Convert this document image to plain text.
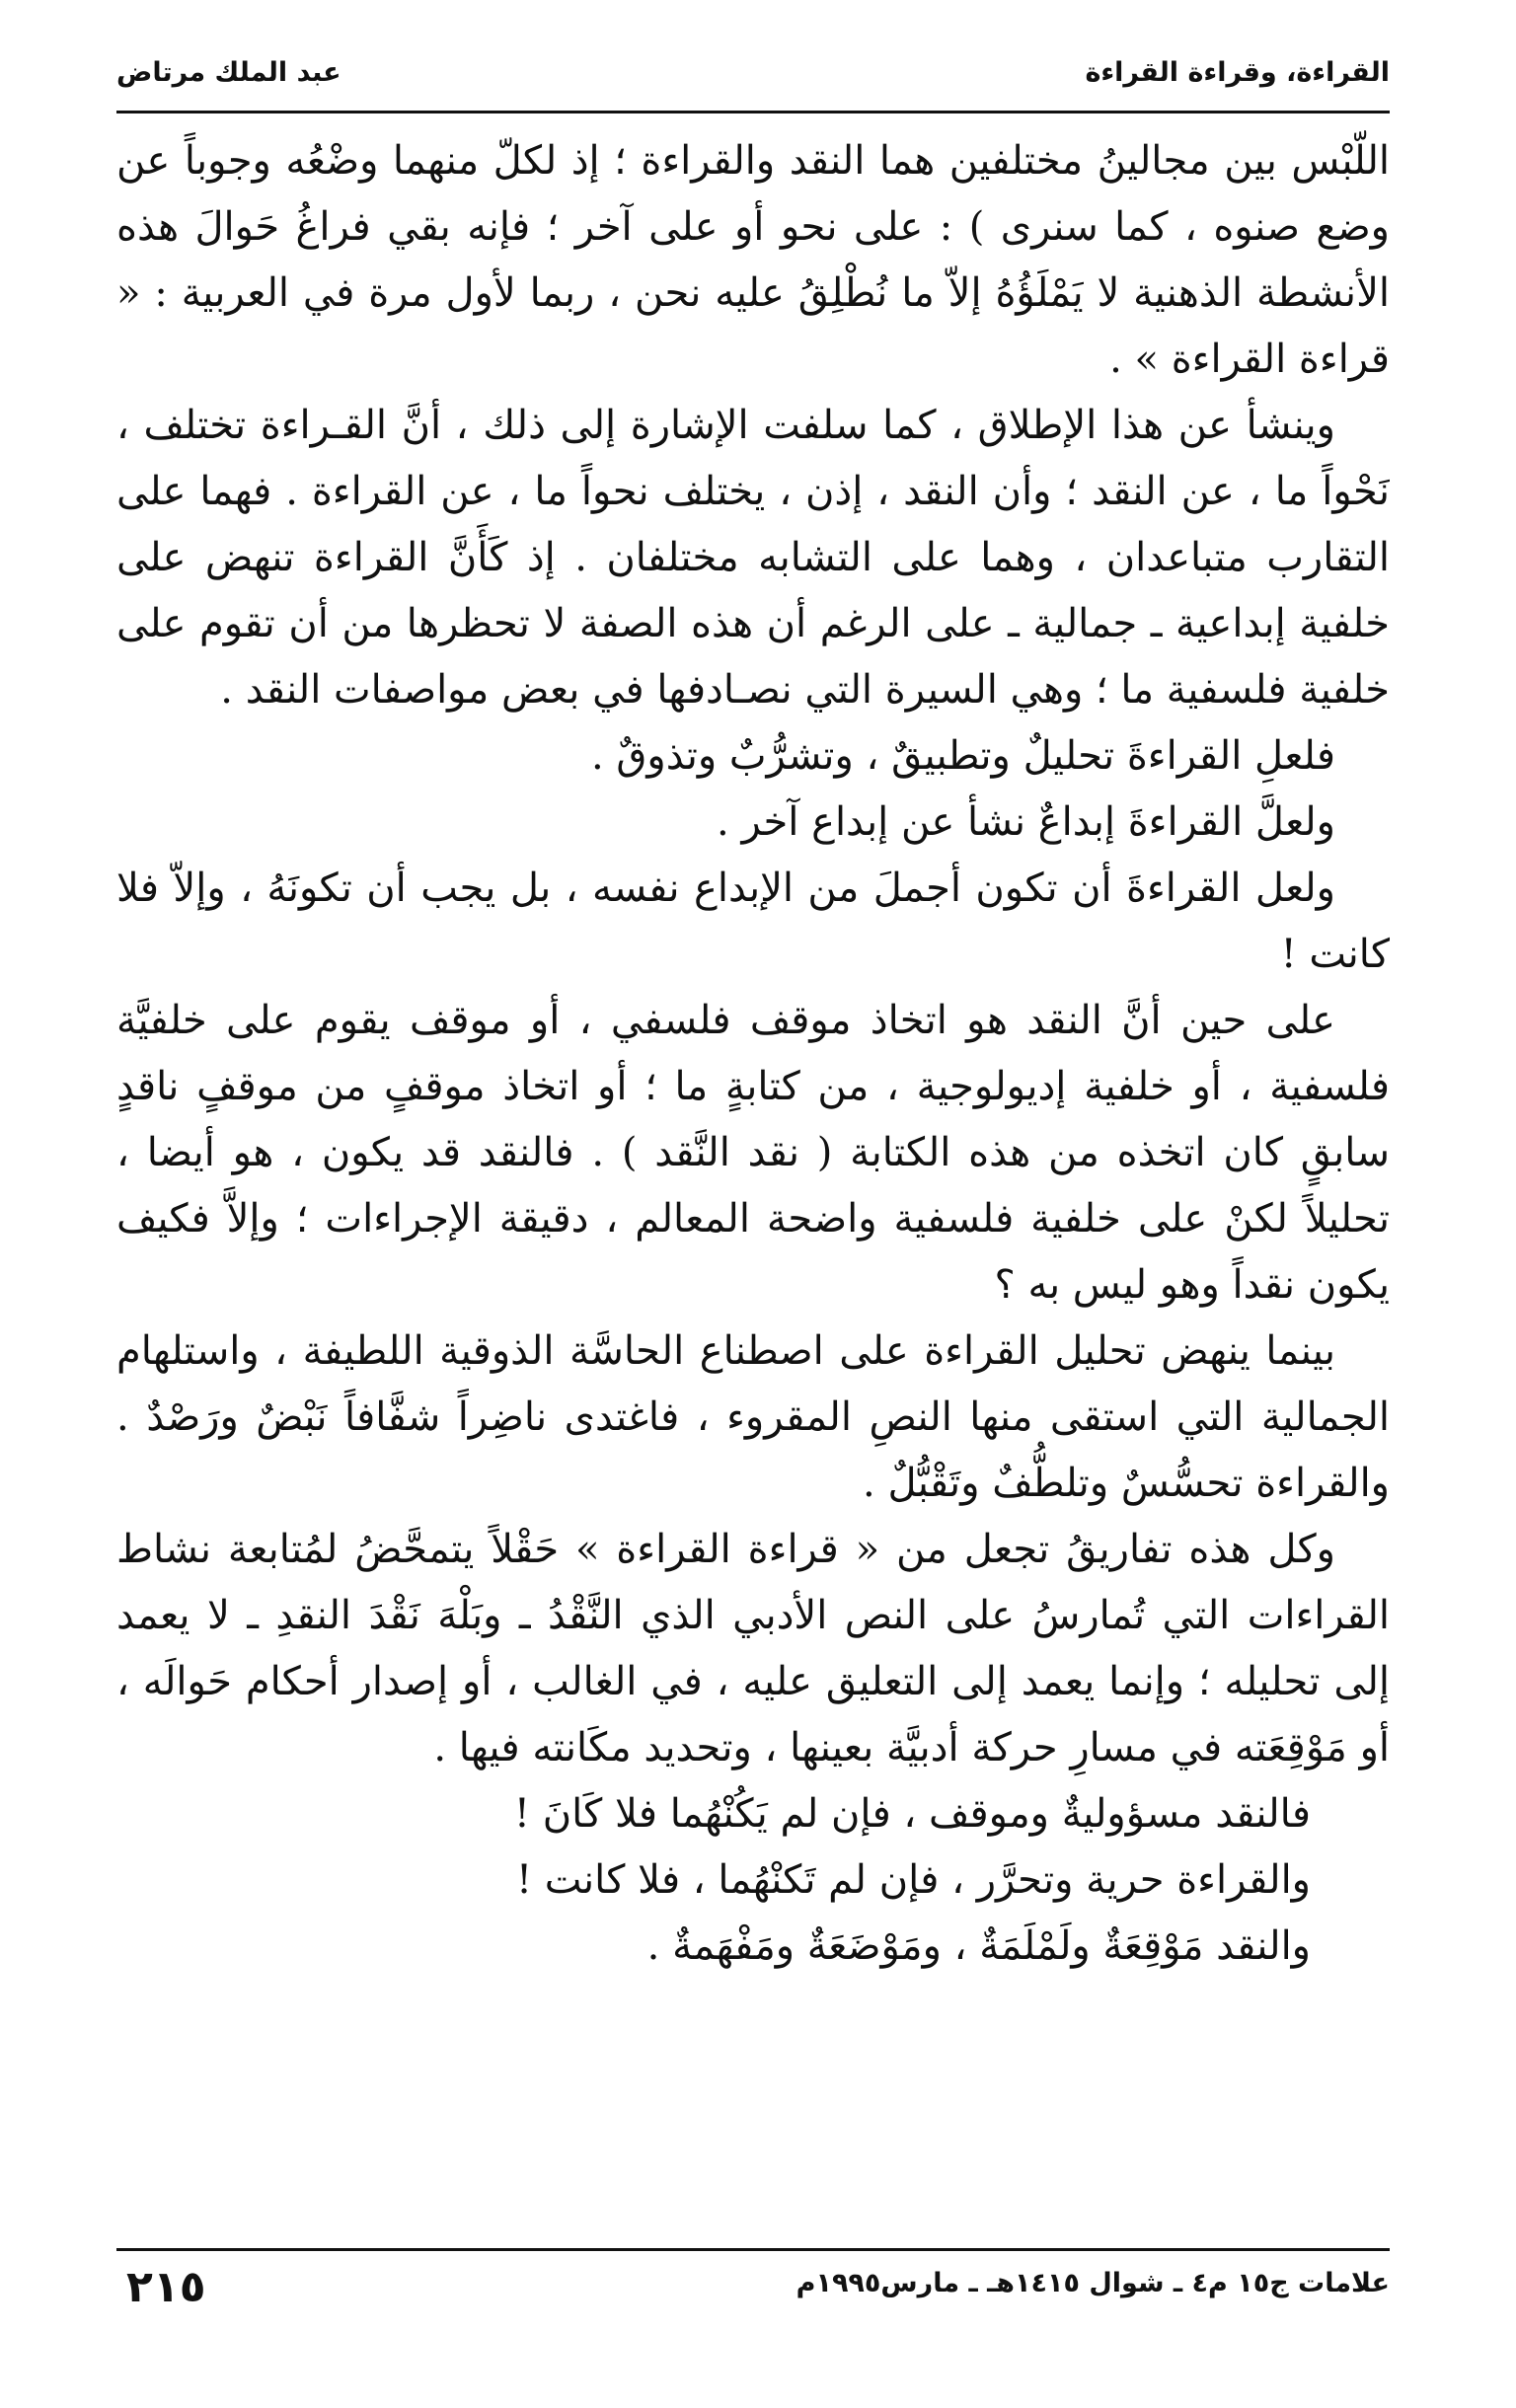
القراءة، وقراءة القراءة
عبد الملك مرتاض

اللّبْس بين مجالينُ مختلفين هما النقد والقراءة ؛ إذ لكلّ منهما وضْعُه وجوباً عن وضع صنوه ، كما سنرى ) : على نحو أو على آخر ؛ فإنه بقي فراغُ حَوالَ هذه الأنشطة الذهنية لا يَمْلَؤُهُ إلاّ ما نُطْلِقُ عليه نحن ، ربما لأول مرة في العربية : « قراءة القراءة » .

وينشأ عن هذا الإطلاق ، كما سلفت الإشارة إلى ذلك ، أنَّ القـراءة تختلف ، نَحْواً ما ، عن النقد ؛ وأن النقد ، إذن ، يختلف نحواً ما ، عن القراءة . فهما على التقارب متباعدان ، وهما على التشابه مختلفان . إذ كَأَنَّ القراءة تنهض على خلفية إبداعية ـ جمالية ـ على الرغم أن هذه الصفة لا تحظرها من أن تقوم على خلفية فلسفية ما ؛ وهي السيرة التي نصـادفها في بعض مواصفات النقد .

فلعلِ القراءةَ تحليلٌ وتطبيقٌ ، وتشرُّبٌ وتذوقٌ .

ولعلَّ القراءةَ إبداعٌ نشأ عن إبداع آخر .

ولعل القراءةَ أن تكون أجملَ من الإبداع نفسه ، بل يجب أن تكونَهُ ، وإلاّ فلا كانت !

على حين أنَّ النقد هو اتخاذ موقف فلسفي ، أو موقف يقوم على خلفيَّة فلسفية ، أو خلفية إديولوجية ، من كتابةٍ ما ؛ أو اتخاذ موقفٍ من موقفٍ ناقدٍ سابقٍ كان اتخذه من هذه الكتابة ( نقد النَّقد ) . فالنقد قد يكون ، هو أيضا ، تحليلاً لكنْ على خلفية فلسفية واضحة المعالم ، دقيقة الإجراءات ؛ وإلاَّ فكيف يكون نقداً وهو ليس به ؟

بينما ينهض تحليل القراءة على اصطناع الحاسَّة الذوقية اللطيفة ، واستلهام الجمالية التي استقى منها النصِ المقروء ، فاغتدى ناضِراً شفَّافاً نَبْضٌ ورَصْدٌ . والقراءة تحسُّسٌ وتلطُّفٌ وتَقْبُّلٌ .

وكل هذه تفاريقُ تجعل من « قراءة القراءة » حَقْلاً يتمحَّضُ لمُتابعة نشاط القراءات التي تُمارسُ على النص الأدبي الذي النَّقْدُ ـ وبَلْهَ نَقْدَ النقدِ ـ لا يعمد إلى تحليله ؛ وإنما يعمد إلى التعليق عليه ، في الغالب ، أو إصدار أحكام حَوالَه ، أو مَوْقِعَته في مسارِ حركة أدبيَّة بعينها ، وتحديد مكَانته فيها .

فالنقد مسؤوليةٌ وموقف ، فإن لم يَكُنْهُما فلا كَانَ !

والقراءة حرية وتحرَّر ، فإن لم تَكنْهُما ، فلا كانت !

والنقد مَوْقِعَةٌ ولَمْلَمَةٌ ، ومَوْضَعَةٌ ومَفْهَمةٌ .

علامات ج١٥ م٤ ـ شوال ١٤١٥هـ ـ مارس١٩٩٥م
٢١٥
